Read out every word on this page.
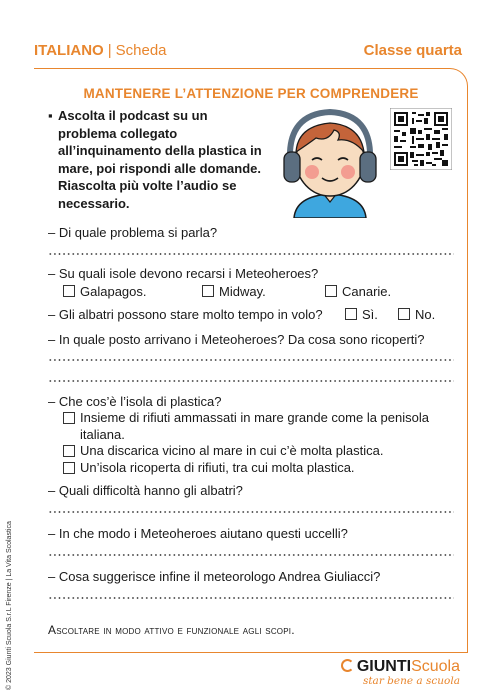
ITALIANO | Scheda	Classe quarta
MANTENERE L’ATTENZIONE PER COMPRENDERE
▪ Ascolta il podcast su un problema collegato all’inquinamento della plastica in mare, poi rispondi alle domande. Riascolta più volte l’audio se necessario.
– Di quale problema si parla?
– Su quali isole devono recarsi i Meteoheroes?
Galapagos.	Midway.	Canarie.
– Gli albatri possono stare molto tempo in volo?	Sì.	No.
– In quale posto arrivano i Meteoheroes? Da cosa sono ricoperti?
– Che cos’è l’isola di plastica?
Insieme di rifiuti ammassati in mare grande come la penisola italiana.
Una discarica vicino al mare in cui c’è molta plastica.
Un’isola ricoperta di rifiuti, tra cui molta plastica.
– Quali difficoltà hanno gli albatri?
– In che modo i Meteoheroes aiutano questi uccelli?
– Cosa suggerisce infine il meteorologo Andrea Giuliacci?
Ascoltare in modo attivo e funzionale agli scopi.
© 2023 Giunti Scuola S.r.L Firenze | La Vita Scolastica	GIUNTIScuola
star bene a scuola
